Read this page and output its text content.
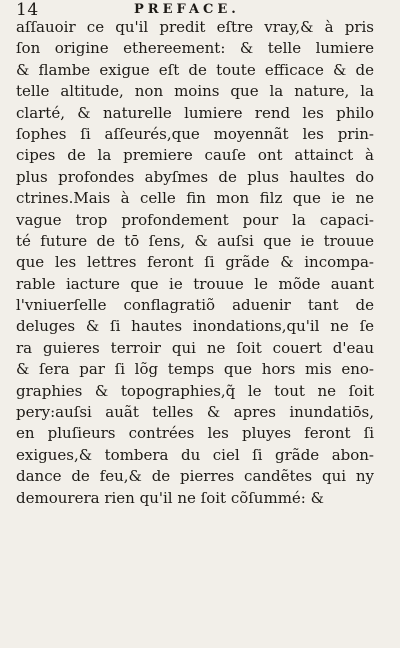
14	PREFACE.
aſſauoir ce qu'il predit eſtre vray,& à pris
ſon origine ethereement: & telle lumiere
& flambe exigue eſt de toute efficace & de
telle altitude, non moins que la nature, la
clarté, & naturelle lumiere rend les philo
ſophes ſi aſſeurés,que moyennãt les prin-
cipes de la premiere cauſe ont attainct à
plus profondes abyſmes de plus haultes do
ctrines.Mais à celle fin mon filz que ie ne
vague trop profondement pour la capaci-
té future de tō ſens, & auſsi que ie trouue
que les lettres feront ſi grãde & incompa-
rable iacture que ie trouue le mõde auant
l'vniuerſelle conflagratiõ aduenir tant de
deluges & ſi hautes inondations,qu'il ne ſe
ra guieres terroir qui ne ſoit couert d'eau
& ſera par ſi lõg temps que hors mis eno-
graphies & topographies,q̃ le tout ne ſoit
pery:auſsi auãt telles & apres inundatiōs,
en pluſieurs contrées les pluyes feront ſi
exigues,& tombera du ciel ſi grãde abon-
dance de feu,& de pierres candẽtes qui ny
demourera rien qu'il ne ſoit cõſummé: &
